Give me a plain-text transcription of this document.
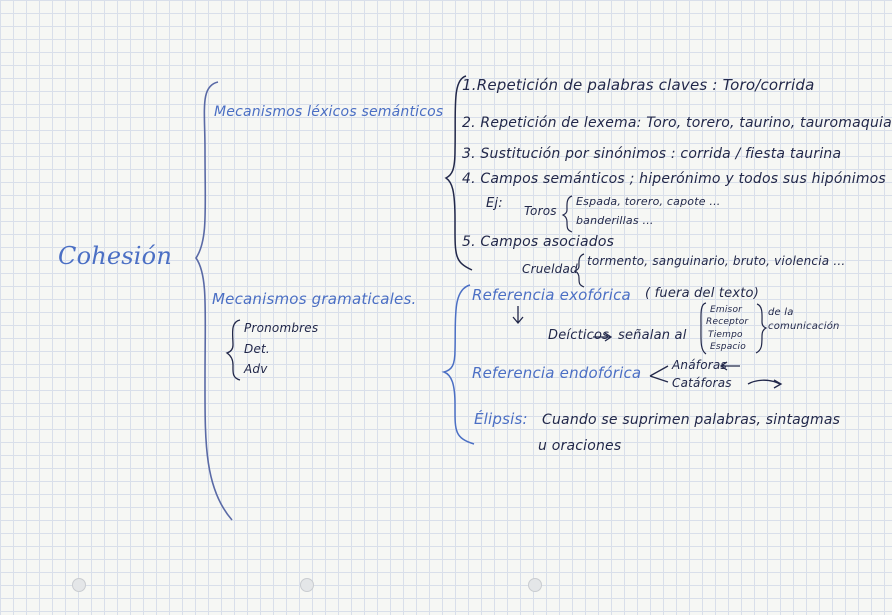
Cohesión
Mecanismos léxicos semánticos
1.Repetición de palabras claves : Toro/corrida
2. Repetición de lexema: Toro, torero, taurino, tauromaquia
3. Sustitución por sinónimos : corrida / fiesta taurina
4. Campos semánticos ; hiperónimo y todos sus hipónimos
Ej: Toros
Espada, torero, capote ...
banderillas ...
5. Campos asociados
Crueldad
tormento, sanguinario, bruto, violencia ...
Mecanismos gramaticales.
Pronombres
Det.
Adv
Referencia exofórica ( fuera del texto)
Deícticos señalan al
Emisor
Receptor
Tiempo
Espacio
de la comunicación
Referencia endofórica	Anáforas
Catáforas
Élipsis: Cuando se suprimen palabras, sintagmas
u oraciones
